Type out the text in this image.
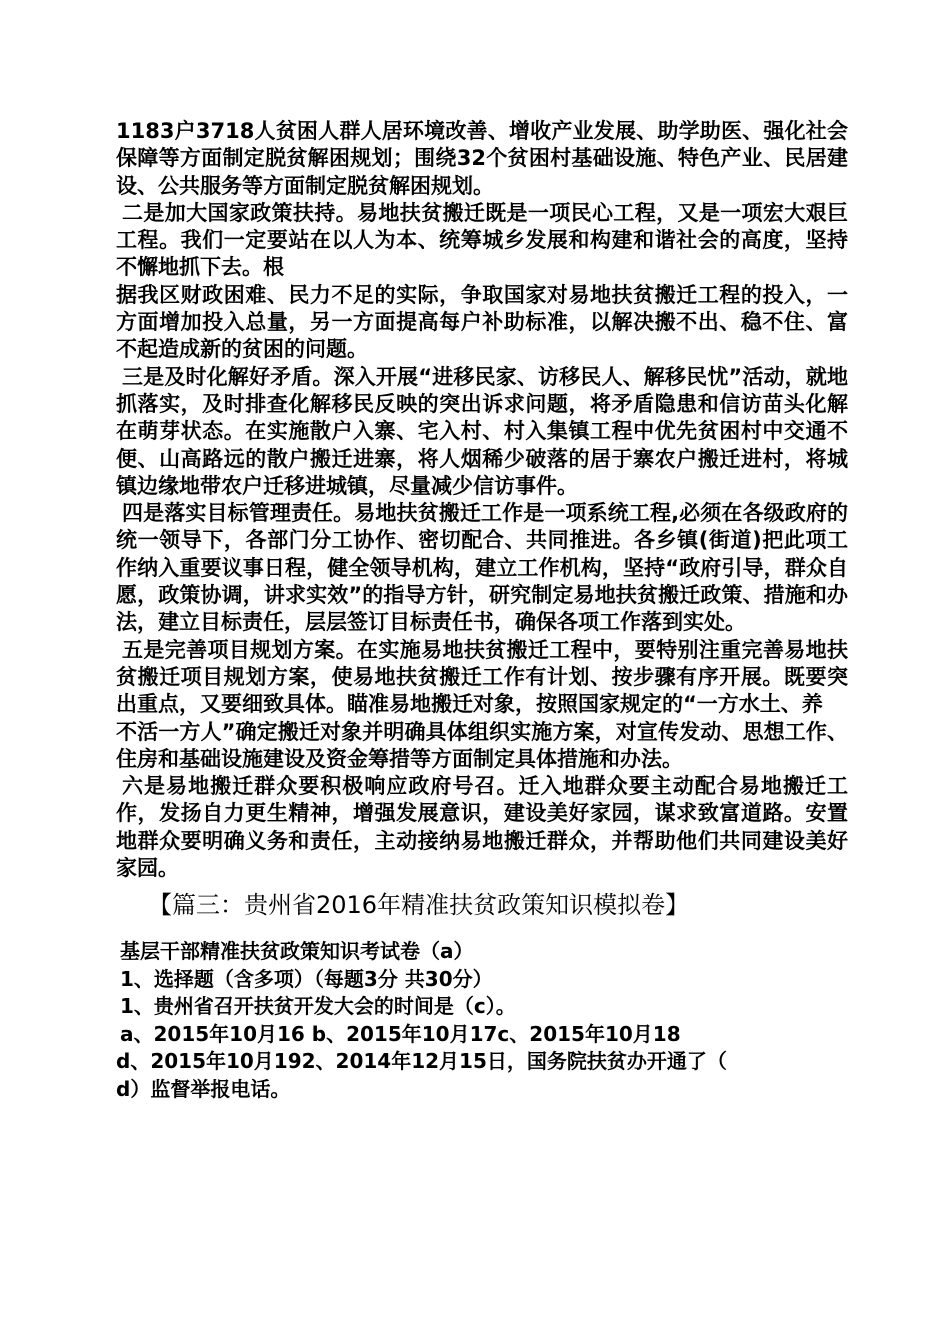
1183户3718人贫困人群人居环境改善、增收产业发展、助学助医、强化社会保障等方面制定脱贫解困规划；围绕32个贫困村基础设施、特色产业、民居建设、公共服务等方面制定脱贫解困规划。

二是加大国家政策扶持。易地扶贫搬迁既是一项民心工程，又是一项宏大艰巨工程。我们一定要站在以人为本、统筹城乡发展和构建和谐社会的高度，坚持不懈地抓下去。根

据我区财政困难、民力不足的实际，争取国家对易地扶贫搬迁工程的投入，一方面增加投入总量，另一方面提高每户补助标准，以解决搬不出、稳不住、富不起造成新的贫困的问题。

三是及时化解好矛盾。深入开展“进移民家、访移民人、解移民忧”活动，就地抓落实，及时排查化解移民反映的突出诉求问题，将矛盾隐患和信访苗头化解在萌芽状态。在实施散户入寨、宅入村、村入集镇工程中优先贫困村中交通不便、山高路远的散户搬迁进寨，将人烟稀少破落的居于寨农户搬迁进村，将城镇边缘地带农户迁移进城镇，尽量减少信访事件。

四是落实目标管理责任。易地扶贫搬迁工作是一项系统工程,必须在各级政府的统一领导下，各部门分工协作、密切配合、共同推进。各乡镇(街道)把此项工作纳入重要议事日程，健全领导机构，建立工作机构，坚持“政府引导，群众自愿，政策协调，讲求实效”的指导方针，研究制定易地扶贫搬迁政策、措施和办法，建立目标责任，层层签订目标责任书，确保各项工作落到实处。

五是完善项目规划方案。在实施易地扶贫搬迁工程中，要特别注重完善易地扶贫搬迁项目规划方案，使易地扶贫搬迁工作有计划、按步骤有序开展。既要突出重点，又要细致具体。瞄准易地搬迁对象，按照国家规定的“一方水土、养

不活一方人”确定搬迁对象并明确具体组织实施方案，对宣传发动、思想工作、住房和基础设施建设及资金筹措等方面制定具体措施和办法。

六是易地搬迁群众要积极响应政府号召。迁入地群众要主动配合易地搬迁工作，发扬自力更生精神，增强发展意识，建设美好家园，谋求致富道路。安置地群众要明确义务和责任，主动接纳易地搬迁群众，并帮助他们共同建设美好家园。

【篇三：贵州省2016年精准扶贫政策知识模拟卷】

基层干部精准扶贫政策知识考试卷（a）

1、选择题（含多项）（每题3分 共30分）

1、贵州省召开扶贫开发大会的时间是（c）。

a、2015年10月16 b、2015年10月17c、2015年10月18

d、2015年10月192、2014年12月15日，国务院扶贫办开通了（

d）监督举报电话。
